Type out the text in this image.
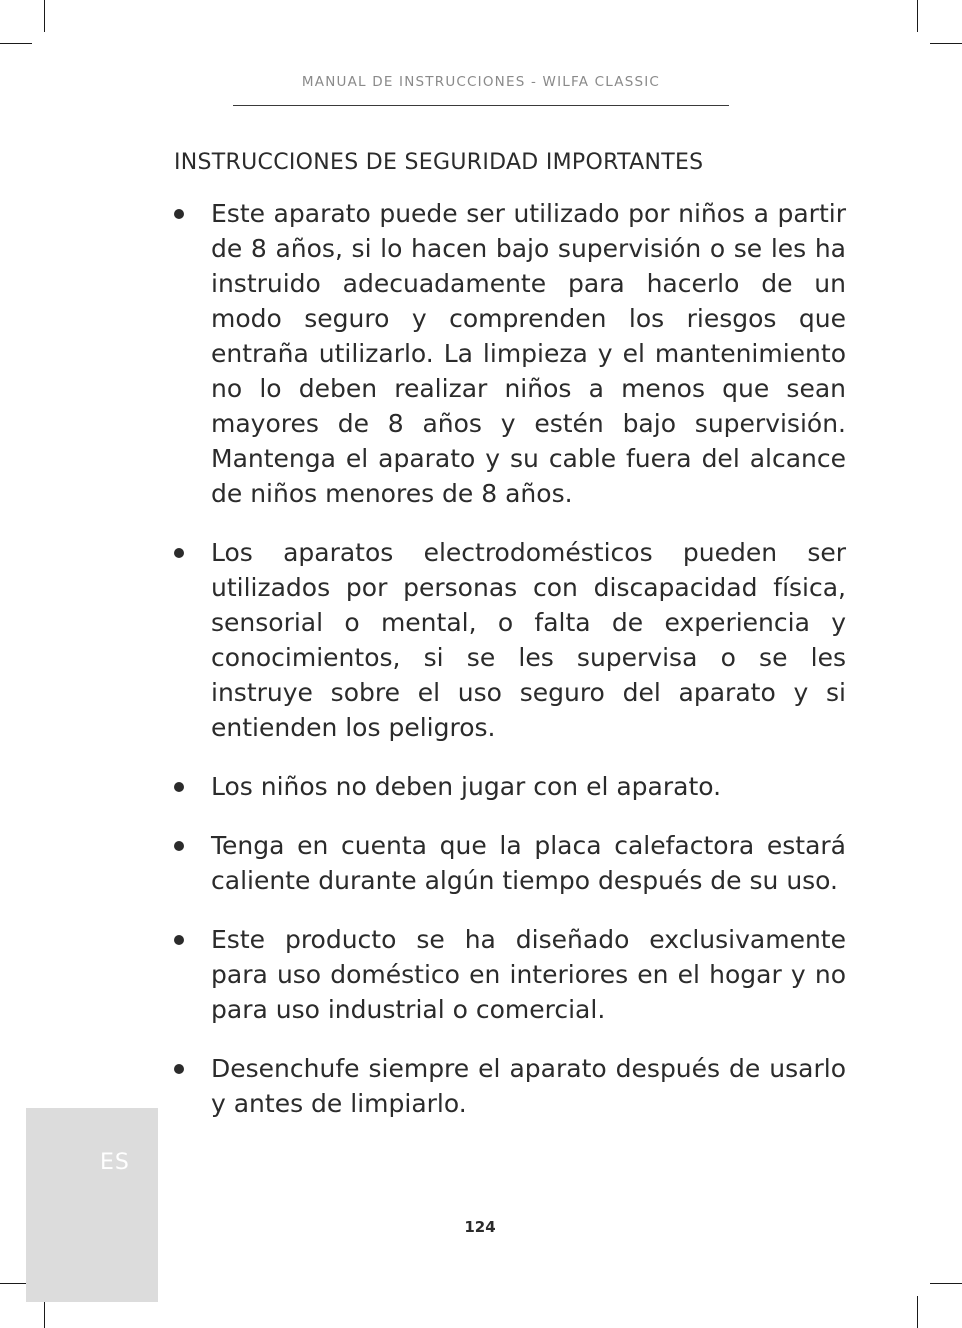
MANUAL DE INSTRUCCIONES - WILFA CLASSIC
INSTRUCCIONES DE SEGURIDAD IMPORTANTES
Este aparato puede ser utilizado por niños a partir de 8 años, si lo hacen bajo supervisión o se les ha instruido adecuadamente para hacerlo de un modo seguro y comprenden los riesgos que entraña utilizarlo. La limpieza y el mantenimiento no lo deben realizar niños a menos que sean mayores de 8 años y estén bajo supervisión. Mantenga el aparato y su cable fuera del alcance de niños menores de 8 años.
Los aparatos electrodomésticos pueden ser utilizados por personas con discapacidad física, sensorial o mental, o falta de experiencia y conocimientos, si se les supervisa o se les instruye sobre el uso seguro del aparato y si entienden los peligros.
Los niños no deben jugar con el aparato.
Tenga en cuenta que la placa calefactora estará caliente durante algún tiempo después de su uso.
Este producto se ha diseñado exclusivamente para uso doméstico en interiores en el hogar y no para uso industrial o comercial.
Desenchufe siempre el aparato después de usarlo y antes de limpiarlo.
ES
124
